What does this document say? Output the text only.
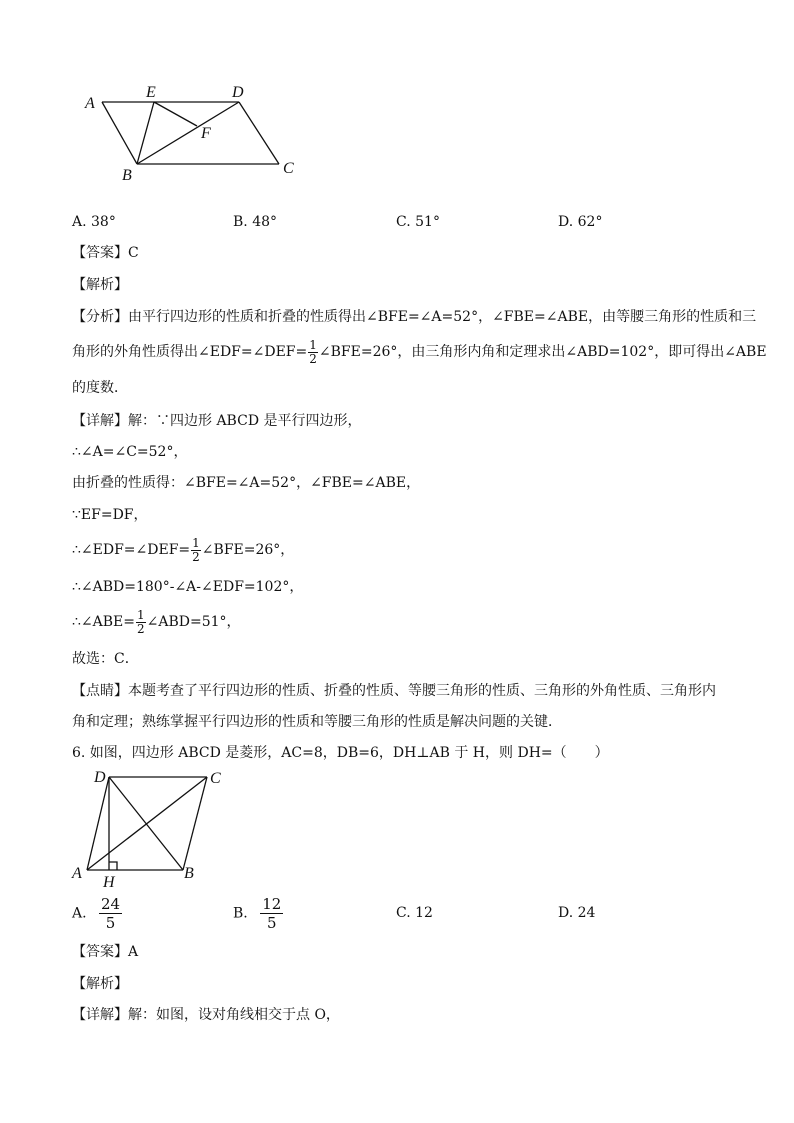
A
E	D
F
B	C
A. 38°	B. 48°	C. 51°	D. 62°
【答案】C
【解析】
【分析】由平行四边形的性质和折叠的性质得出∠BFE=∠A=52°，∠FBE=∠ABE，由等腰三角形的性质和三
角形的外角性质得出∠EDF=∠DEF= $\frac{1}{2}$ ∠BFE=26°，由三角形内角和定理求出∠ABD=102°，即可得出∠ABE
的度数．
【详解】解：∵四边形 ABCD 是平行四边形，
∴∠A=∠C=52°，
由折叠的性质得：∠BFE=∠A=52°，∠FBE=∠ABE，
∵EF=DF，
∴∠EDF=∠DEF= $\frac{1}{2}$ ∠BFE=26°，
∴∠ABD=180°-∠A-∠EDF=102°，
∴∠ABE= $\frac{1}{2}$ ∠ABD=51°，
故选：C．
【点睛】本题考查了平行四边形的性质、折叠的性质、等腰三角形的性质、三角形的外角性质、三角形内
角和定理；熟练掌握平行四边形的性质和等腰三角形的性质是解决问题的关键．
6. 如图，四边形 ABCD 是菱形，AC=8，DB=6，DH⊥AB 于 H，则 DH=（　　）
D	C
A
H
B
A. $\frac{24}{5}$	B. $\frac{12}{5}$	C. 12	D. 24
【答案】A
【解析】
【详解】解：如图，设对角线相交于点 O，
